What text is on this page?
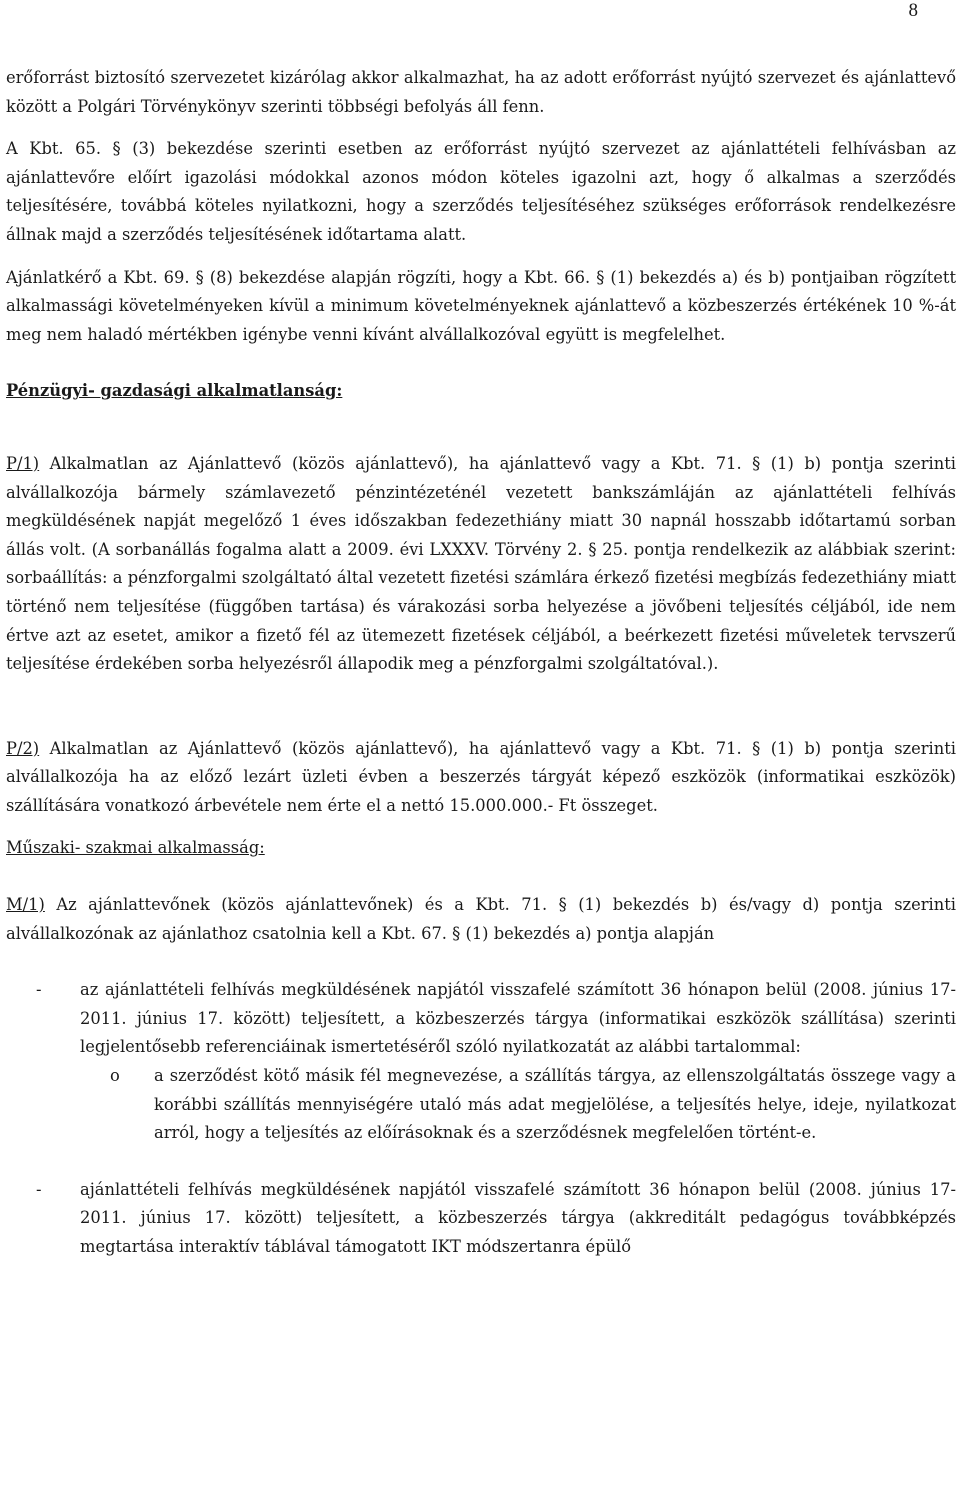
8

erőforrást biztosító szervezetet kizárólag akkor alkalmazhat, ha az adott erőforrást nyújtó szervezet és ajánlattevő között a Polgári Törvénykönyv szerinti többségi befolyás áll fenn.

A Kbt. 65. § (3) bekezdése szerinti esetben az erőforrást nyújtó szervezet az ajánlattételi felhívásban az ajánlattevőre előírt igazolási módokkal azonos módon köteles igazolni azt, hogy ő alkalmas a szerződés teljesítésére, továbbá köteles nyilatkozni, hogy a szerződés teljesítéséhez szükséges erőforrások rendelkezésre állnak majd a szerződés teljesítésének időtartama alatt.

Ajánlatkérő a Kbt. 69. § (8) bekezdése alapján rögzíti, hogy a Kbt. 66. § (1) bekezdés a) és b) pontjaiban rögzített alkalmassági követelményeken kívül a minimum követelményeknek ajánlattevő a közbeszerzés értékének 10 %-át meg nem haladó mértékben igénybe venni kívánt alvállalkozóval együtt is megfelelhet.

Pénzügyi- gazdasági alkalmatlanság:

P/1) Alkalmatlan az Ajánlattevő (közös ajánlattevő), ha ajánlattevő vagy a Kbt. 71. § (1) b) pontja szerinti alvállalkozója bármely számlavezető pénzintézeténél vezetett bankszámláján az ajánlattételi felhívás megküldésének napját megelőző 1 éves időszakban fedezethiány miatt 30 napnál hosszabb időtartamú sorban állás volt. (A sorbanállás fogalma alatt a 2009. évi LXXXV. Törvény 2. § 25. pontja rendelkezik az alábbiak szerint: sorbaállítás: a pénzforgalmi szolgáltató által vezetett fizetési számlára érkező fizetési megbízás fedezethiány miatt történő nem teljesítése (függőben tartása) és várakozási sorba helyezése a jövőbeni teljesítés céljából, ide nem értve azt az esetet, amikor a fizető fél az ütemezett fizetések céljából, a beérkezett fizetési műveletek tervszerű teljesítése érdekében sorba helyezésről állapodik meg a pénzforgalmi szolgáltatóval.).

P/2) Alkalmatlan az Ajánlattevő (közös ajánlattevő), ha ajánlattevő vagy a Kbt. 71. § (1) b) pontja szerinti alvállalkozója ha az előző lezárt üzleti évben a beszerzés tárgyát képező eszközök (informatikai eszközök) szállítására vonatkozó árbevétele nem érte el a nettó 15.000.000.- Ft összeget.

Műszaki- szakmai alkalmasság:

M/1) Az ajánlattevőnek (közös ajánlattevőnek) és a Kbt. 71. § (1) bekezdés b) és/vagy d) pontja szerinti alvállalkozónak az ajánlathoz csatolnia kell a Kbt. 67. § (1) bekezdés a) pontja alapján

-	az ajánlattételi felhívás megküldésének napjától visszafelé számított 36 hónapon belül (2008. június 17- 2011. június 17. között) teljesített, a közbeszerzés tárgya (informatikai eszközök szállítása) szerinti legjelentősebb referenciáinak ismertetéséről szóló nyilatkozatát az alábbi tartalommal:
o	a szerződést kötő másik fél megnevezése, a szállítás tárgya, az ellenszolgáltatás összege vagy a korábbi szállítás mennyiségére utaló más adat megjelölése, a teljesítés helye, ideje, nyilatkozat arról, hogy a teljesítés az előírásoknak és a szerződésnek megfelelően történt-e.
-	ajánlattételi felhívás megküldésének napjától visszafelé számított 36 hónapon belül (2008. június 17- 2011. június 17. között) teljesített, a közbeszerzés tárgya (akkreditált pedagógus továbbképzés megtartása interaktív táblával támogatott IKT módszertanra épülő
